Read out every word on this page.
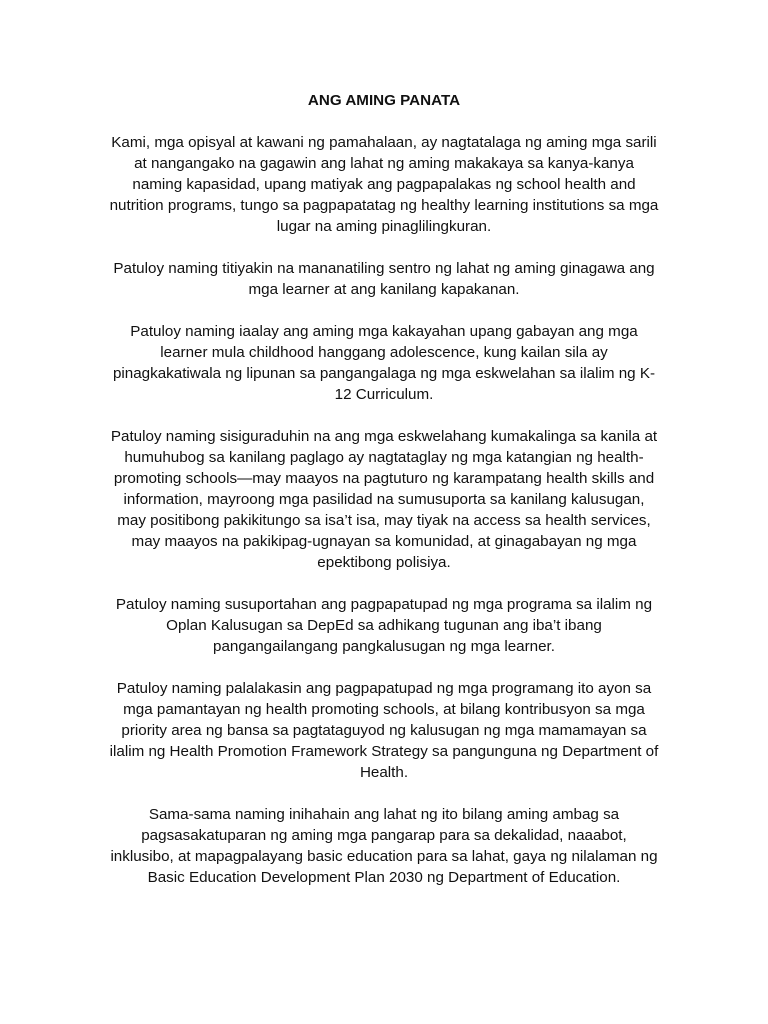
ANG AMING PANATA

Kami, mga opisyal at kawani ng pamahalaan, ay nagtatalaga ng aming mga sarili at nangangako na gagawin ang lahat ng aming makakaya sa kanya-kanya naming kapasidad, upang matiyak ang pagpapalakas ng school health and nutrition programs, tungo sa pagpapatatag ng healthy learning institutions sa mga lugar na aming pinaglilingkuran.

Patuloy naming titiyakin na mananatiling sentro ng lahat ng aming ginagawa ang mga learner at ang kanilang kapakanan.

Patuloy naming iaalay ang aming mga kakayahan upang gabayan ang mga learner mula childhood hanggang adolescence, kung kailan sila ay pinagkakatiwala ng lipunan sa pangangalaga ng mga eskwelahan sa ilalim ng K-12 Curriculum.

Patuloy naming sisiguraduhin na ang mga eskwelahang kumakalinga sa kanila at humuhubog sa kanilang paglago ay nagtataglay ng mga katangian ng health-promoting schools—may maayos na pagtuturo ng karampatang health skills and information, mayroong mga pasilidad na sumusuporta sa kanilang kalusugan, may positibong pakikitungo sa isa’t isa, may tiyak na access sa health services, may maayos na pakikipag-ugnayan sa komunidad, at ginagabayan ng mga epektibong polisiya.

Patuloy naming susuportahan ang pagpapatupad ng mga programa sa ilalim ng Oplan Kalusugan sa DepEd sa adhikang tugunan ang iba’t ibang pangangailangang pangkalusugan ng mga learner.

Patuloy naming palalakasin ang pagpapatupad ng mga programang ito ayon sa mga pamantayan ng health promoting schools, at bilang kontribusyon sa mga priority area ng bansa sa pagtataguyod ng kalusugan ng mga mamamayan sa ilalim ng Health Promotion Framework Strategy sa pangunguna ng Department of Health.

Sama-sama naming inihahain ang lahat ng ito bilang aming ambag sa pagsasakatuparan ng aming mga pangarap para sa dekalidad, naaabot, inklusibo, at mapagpalayang basic education para sa lahat, gaya ng nilalaman ng Basic Education Development Plan 2030 ng Department of Education.
